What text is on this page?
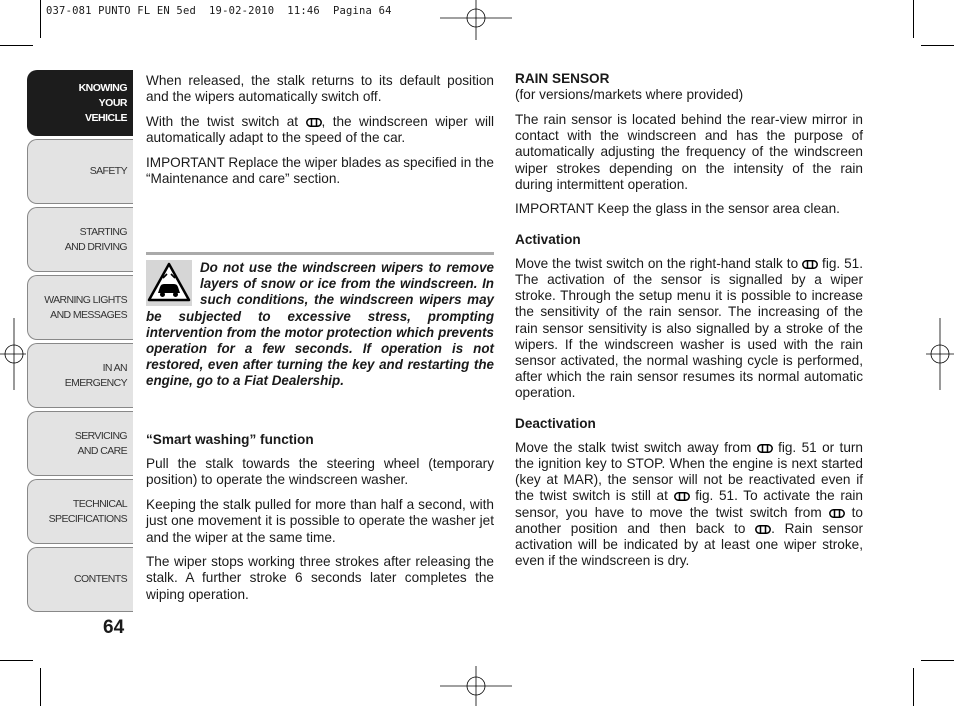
037-081 PUNTO FL EN 5ed  19-02-2010  11:46  Pagina 64
KNOWING
YOUR
VEHICLE
SAFETY
STARTING
AND DRIVING
WARNING LIGHTS
AND MESSAGES
IN AN
EMERGENCY
SERVICING
AND CARE
TECHNICAL
SPECIFICATIONS
CONTENTS
64

When released, the stalk returns to its default position and the wipers automatically switch off.

With the twist switch at , the windscreen wiper will automatically adapt to the speed of the car.

IMPORTANT Replace the wiper blades as specified in the “Maintenance and care” section.

Do not use the windscreen wipers to remove layers of snow or ice from the windscreen. In such conditions, the windscreen wipers may be subjected to excessive stress, prompting intervention from the motor protection which prevents operation for a few seconds. If operation is not restored, even after turning the key and restarting the engine, go to a Fiat Dealership.
“Smart washing” function

Pull the stalk towards the steering wheel (temporary position) to operate the windscreen washer.

Keeping the stalk pulled for more than half a second, with just one movement it is possible to operate the washer jet and the wiper at the same time.

The wiper stops working three strokes after releasing the stalk. A further stroke 6 seconds later completes the wiping operation.

RAIN SENSOR
(for versions/markets where provided)

The rain sensor is located behind the rear-view mirror in contact with the windscreen and has the purpose of automatically adjusting the frequency of the windscreen wiper strokes depending on the intensity of the rain during intermittent operation.

IMPORTANT Keep the glass in the sensor area clean.

Activation

Move the twist switch on the right-hand stalk to fig. 51. The activation of the sensor is signalled by a wiper stroke. Through the setup menu it is possible to increase the sensitivity of the rain sensor. The increasing of the rain sensor sensitivity is also signalled by a stroke of the wipers. If the windscreen washer is used with the rain sensor activated, the normal washing cycle is performed, after which the rain sensor resumes its normal automatic operation.

Deactivation

Move the stalk twist switch away from fig. 51 or turn the ignition key to STOP. When the engine is next started (key at MAR), the sensor will not be reactivated even if the twist switch is still at fig. 51. To activate the rain sensor, you have to move the twist switch from to another position and then back to . Rain sensor activation will be indicated by at least one wiper stroke, even if the windscreen is dry.
